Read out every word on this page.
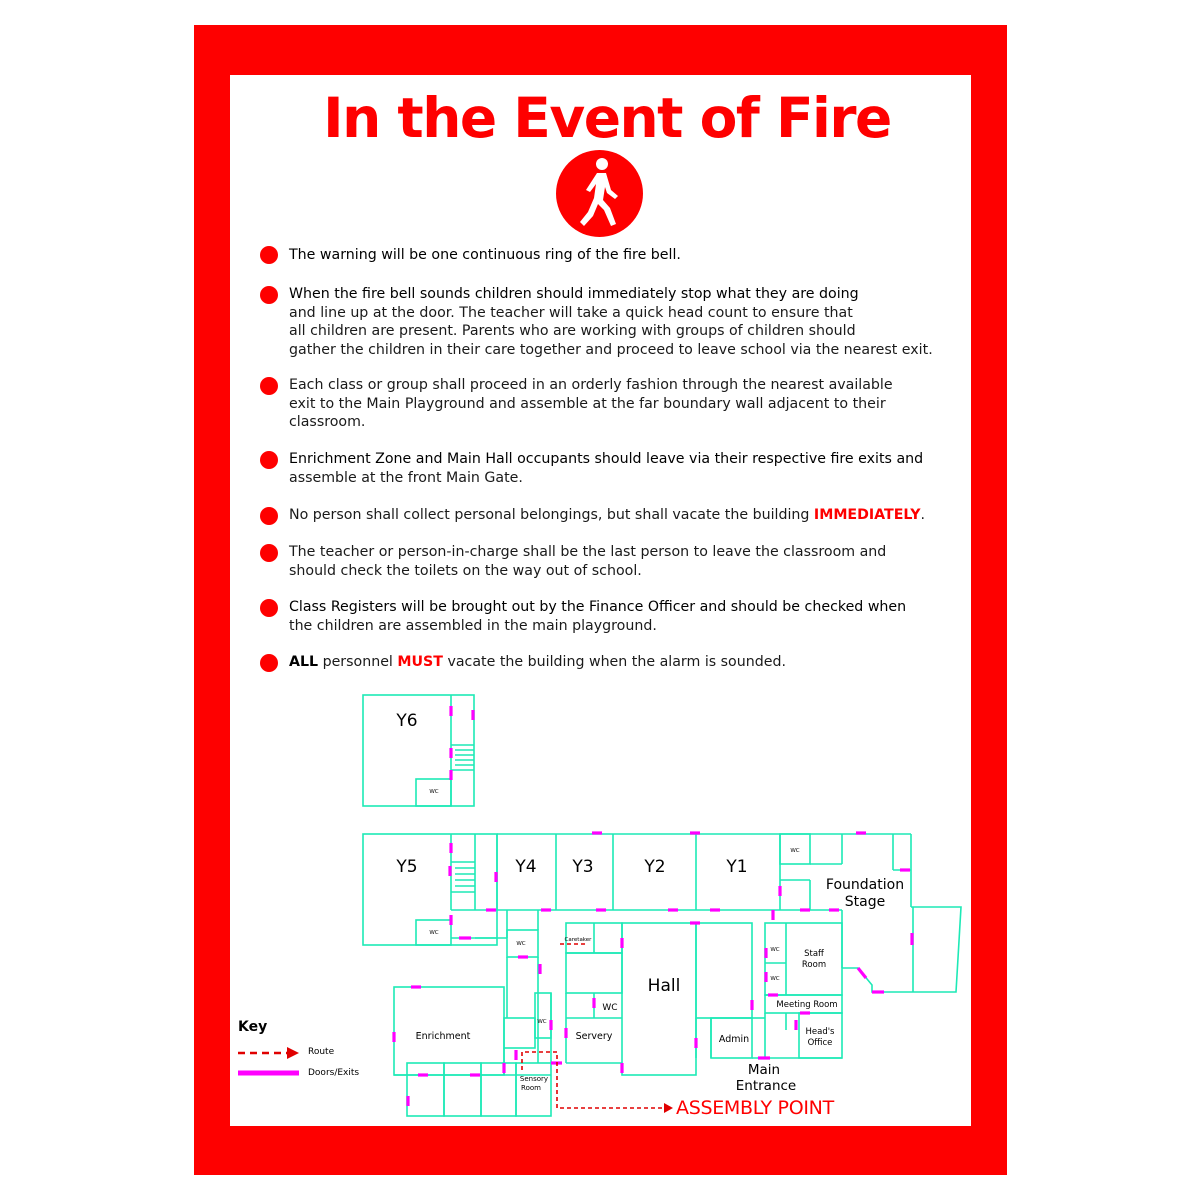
In the Event of Fire
The warning will be one continuous ring of the fire bell.
When the fire bell sounds children should immediately stop what they are doing
and line up at the door. The teacher will take a quick head count to ensure that
all children are present. Parents who are working with groups of children should
gather the children in their care together and proceed to leave school via the nearest exit.
Each class or group shall proceed in an orderly fashion through the nearest available
exit to the Main Playground and assemble at the far boundary wall adjacent to their
classroom.
Enrichment Zone and Main Hall occupants should leave via their respective fire exits and
assemble at the front Main Gate.
No person shall collect personal belongings, but shall vacate the building IMMEDIATELY.
The teacher or person-in-charge shall be the last person to leave the classroom and
should check the toilets on the way out of school.
Class Registers will be brought out by the Finance Officer and should be checked when
the children are assembled in the main playground.
ALL personnel MUST vacate the building when the alarm is sounded.
Y6
Y5	Y4 Y3	Y2	Y1
Foundation
Stage
Hall
Enrichment	Servery	Admin
Staff
Room
Meeting Room
Head's
Office
Caretaker
Sensory
Room
Main
Entrance
WC
WC
WC
WC
WC
WC
WC
WC
Key
Route
Doors/Exits
ASSEMBLY POINT
